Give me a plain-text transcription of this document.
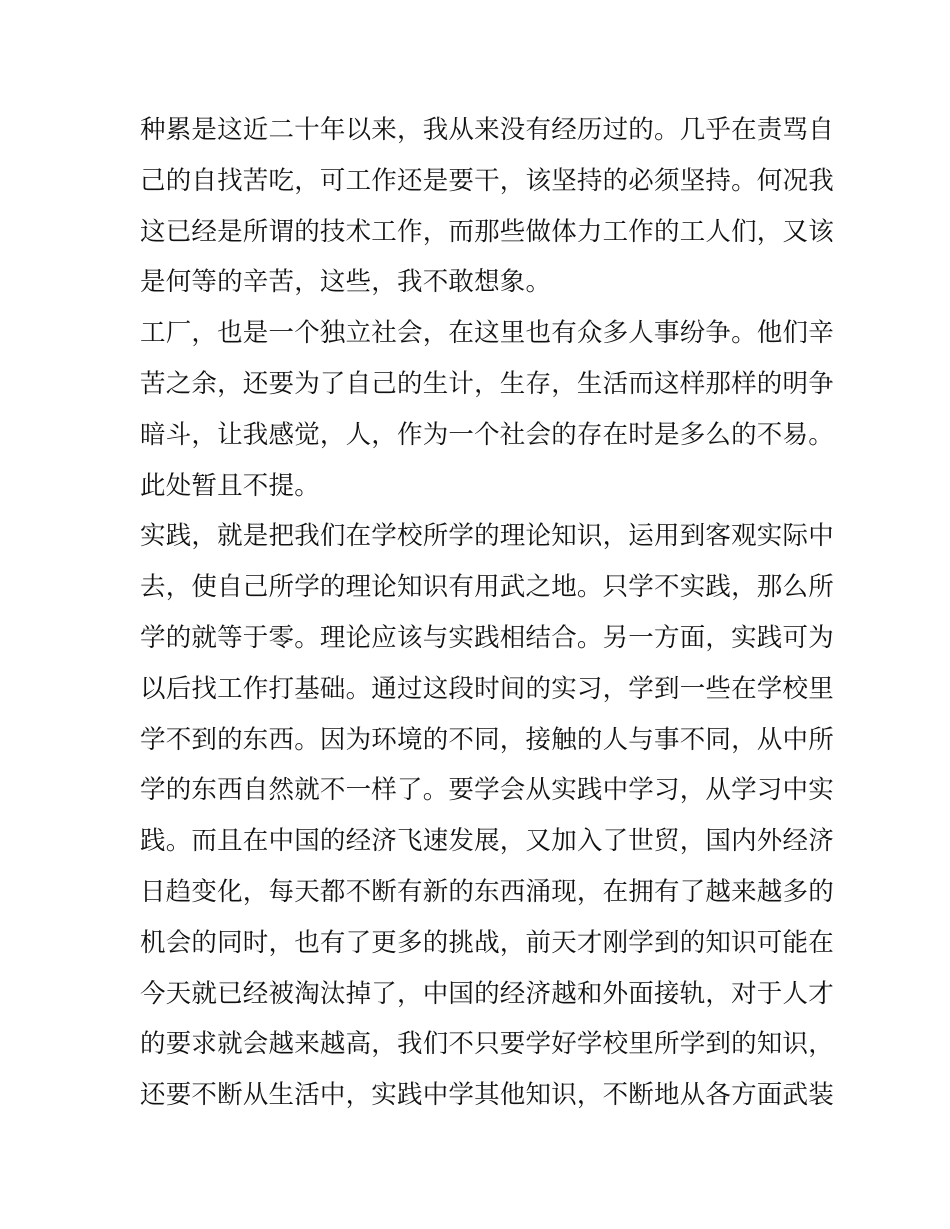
种累是这近二十年以来，我从来没有经历过的。几乎在责骂自
己的自找苦吃，可工作还是要干，该坚持的必须坚持。何况我
这已经是所谓的技术工作，而那些做体力工作的工人们，又该
是何等的辛苦，这些，我不敢想象。
工厂，也是一个独立社会，在这里也有众多人事纷争。他们辛
苦之余，还要为了自己的生计，生存，生活而这样那样的明争
暗斗，让我感觉，人，作为一个社会的存在时是多么的不易。
此处暂且不提。
实践，就是把我们在学校所学的理论知识，运用到客观实际中
去，使自己所学的理论知识有用武之地。只学不实践，那么所
学的就等于零。理论应该与实践相结合。另一方面，实践可为
以后找工作打基础。通过这段时间的实习，学到一些在学校里
学不到的东西。因为环境的不同，接触的人与事不同，从中所
学的东西自然就不一样了。要学会从实践中学习，从学习中实
践。而且在中国的经济飞速发展，又加入了世贸，国内外经济
日趋变化，每天都不断有新的东西涌现，在拥有了越来越多的
机会的同时，也有了更多的挑战，前天才刚学到的知识可能在
今天就已经被淘汰掉了，中国的经济越和外面接轨，对于人才
的要求就会越来越高，我们不只要学好学校里所学到的知识，
还要不断从生活中，实践中学其他知识，不断地从各方面武装
